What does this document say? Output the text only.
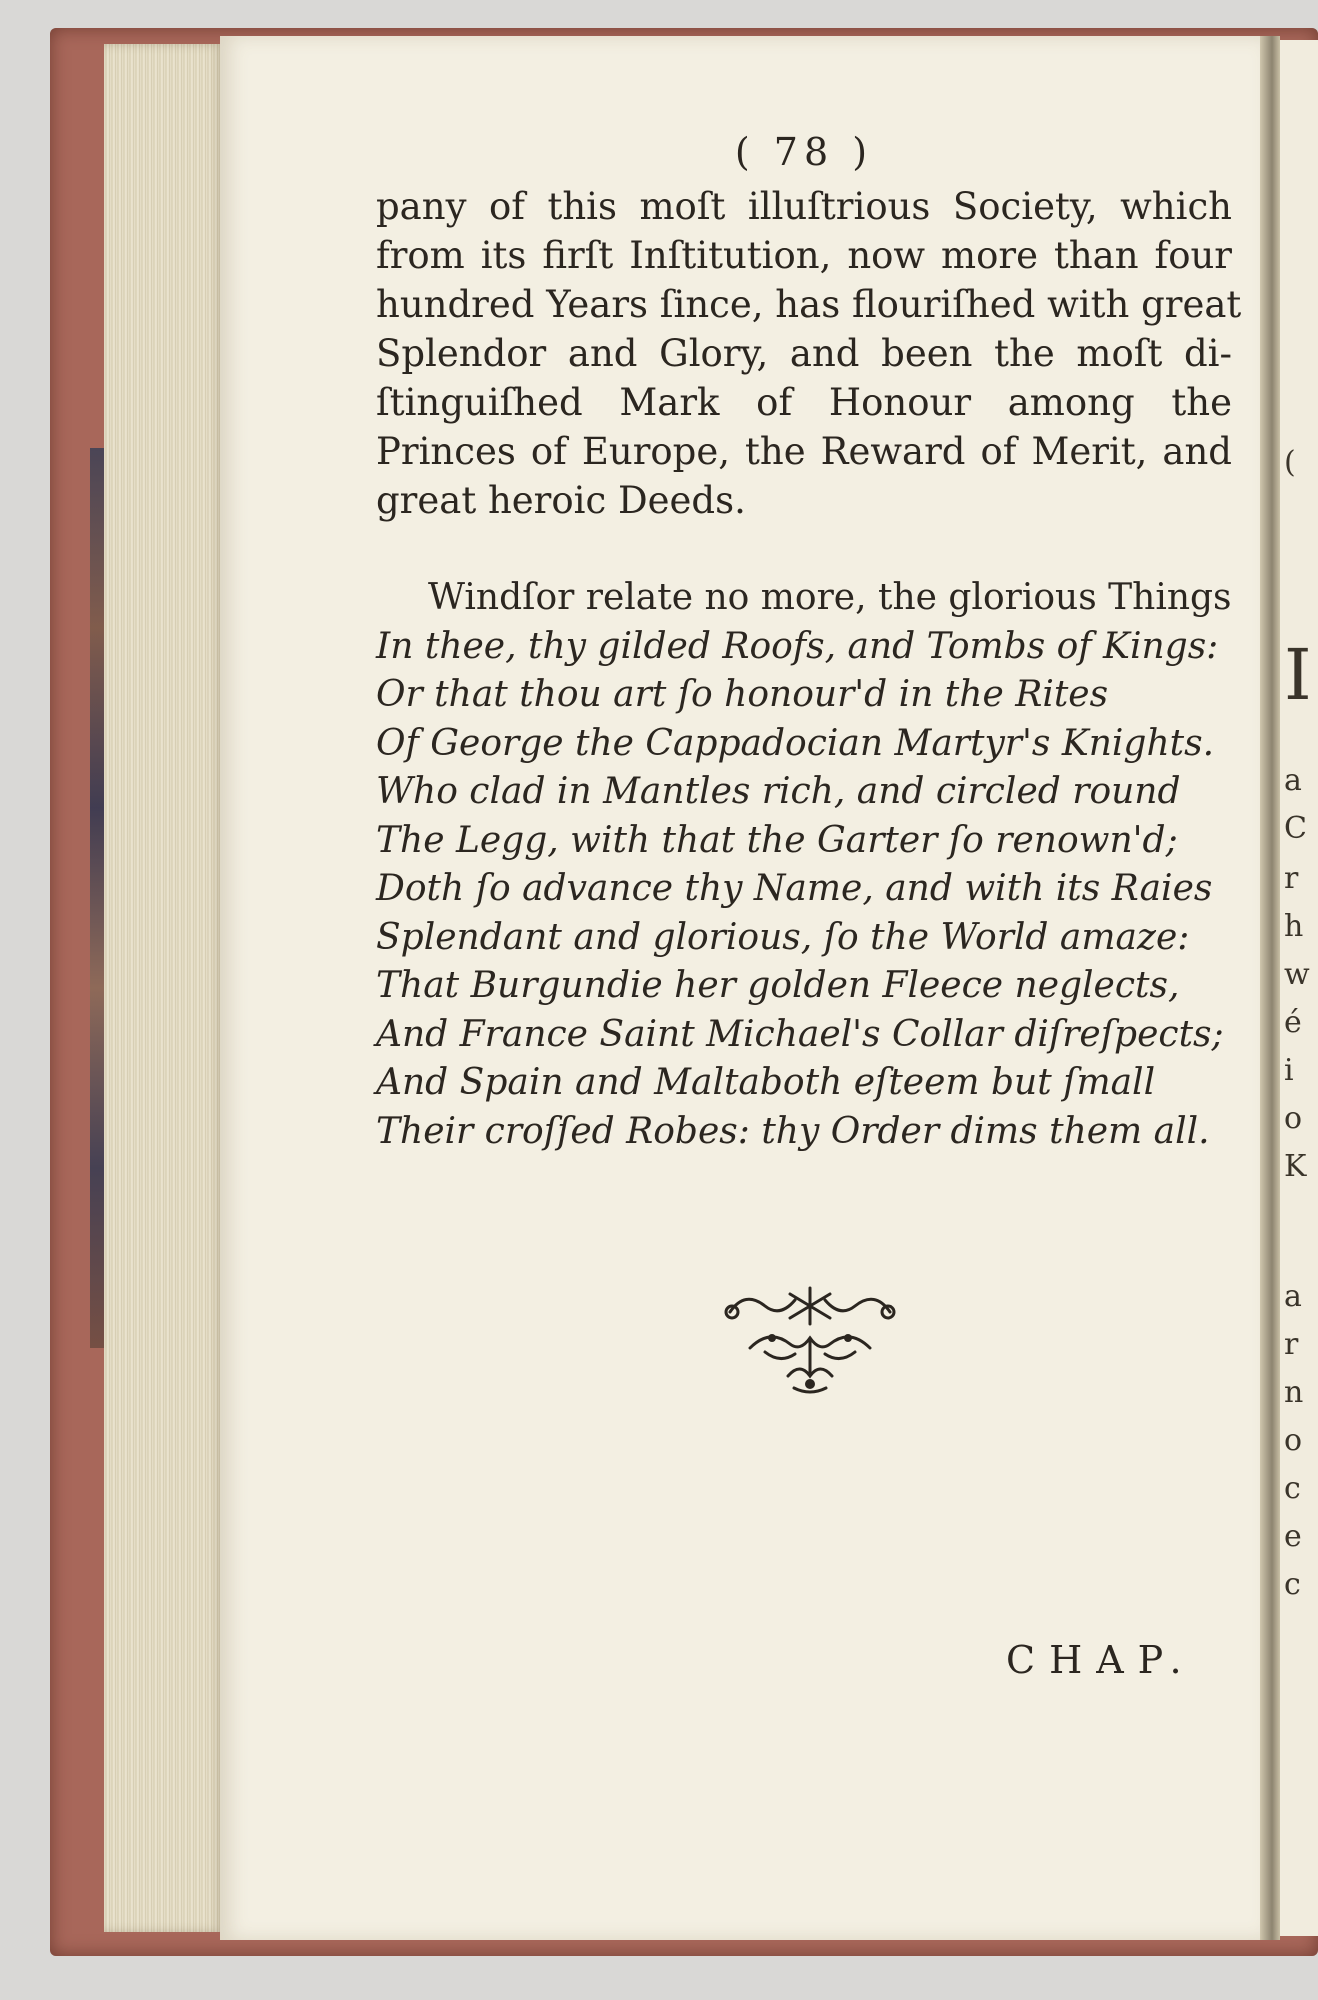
(
I
a
C
r
h
w
é
i
o
K
a
r
n
o
c
e
c
( 78 )
pany of this moſt illuſtrious Society, which
from its firſt Inſtitution, now more than four
hundred Years ſince, has flouriſhed with great
Splendor and Glory, and been the moſt di-
ſtinguiſhed Mark of Honour among the
Princes of Europe, the Reward of Merit, and
great heroic Deeds.
Windſor relate no more, the glorious Things
In thee, thy gilded Roofs, and Tombs of Kings:
Or that thou art ſo honour'd in the Rites
Of George the Cappadocian Martyr's Knights.
Who clad in Mantles rich, and circled round
The Legg, with that the Garter ſo renown'd;
Doth ſo advance thy Name, and with its Raies
Splendant and glorious, ſo the World amaze:
That Burgundie her golden Fleece neglects,
And France Saint Michael's Collar diſreſpects;
And Spain and Maltaboth eſteem but ſmall
Their croſſed Robes: thy Order dims them all.
CHAP.
